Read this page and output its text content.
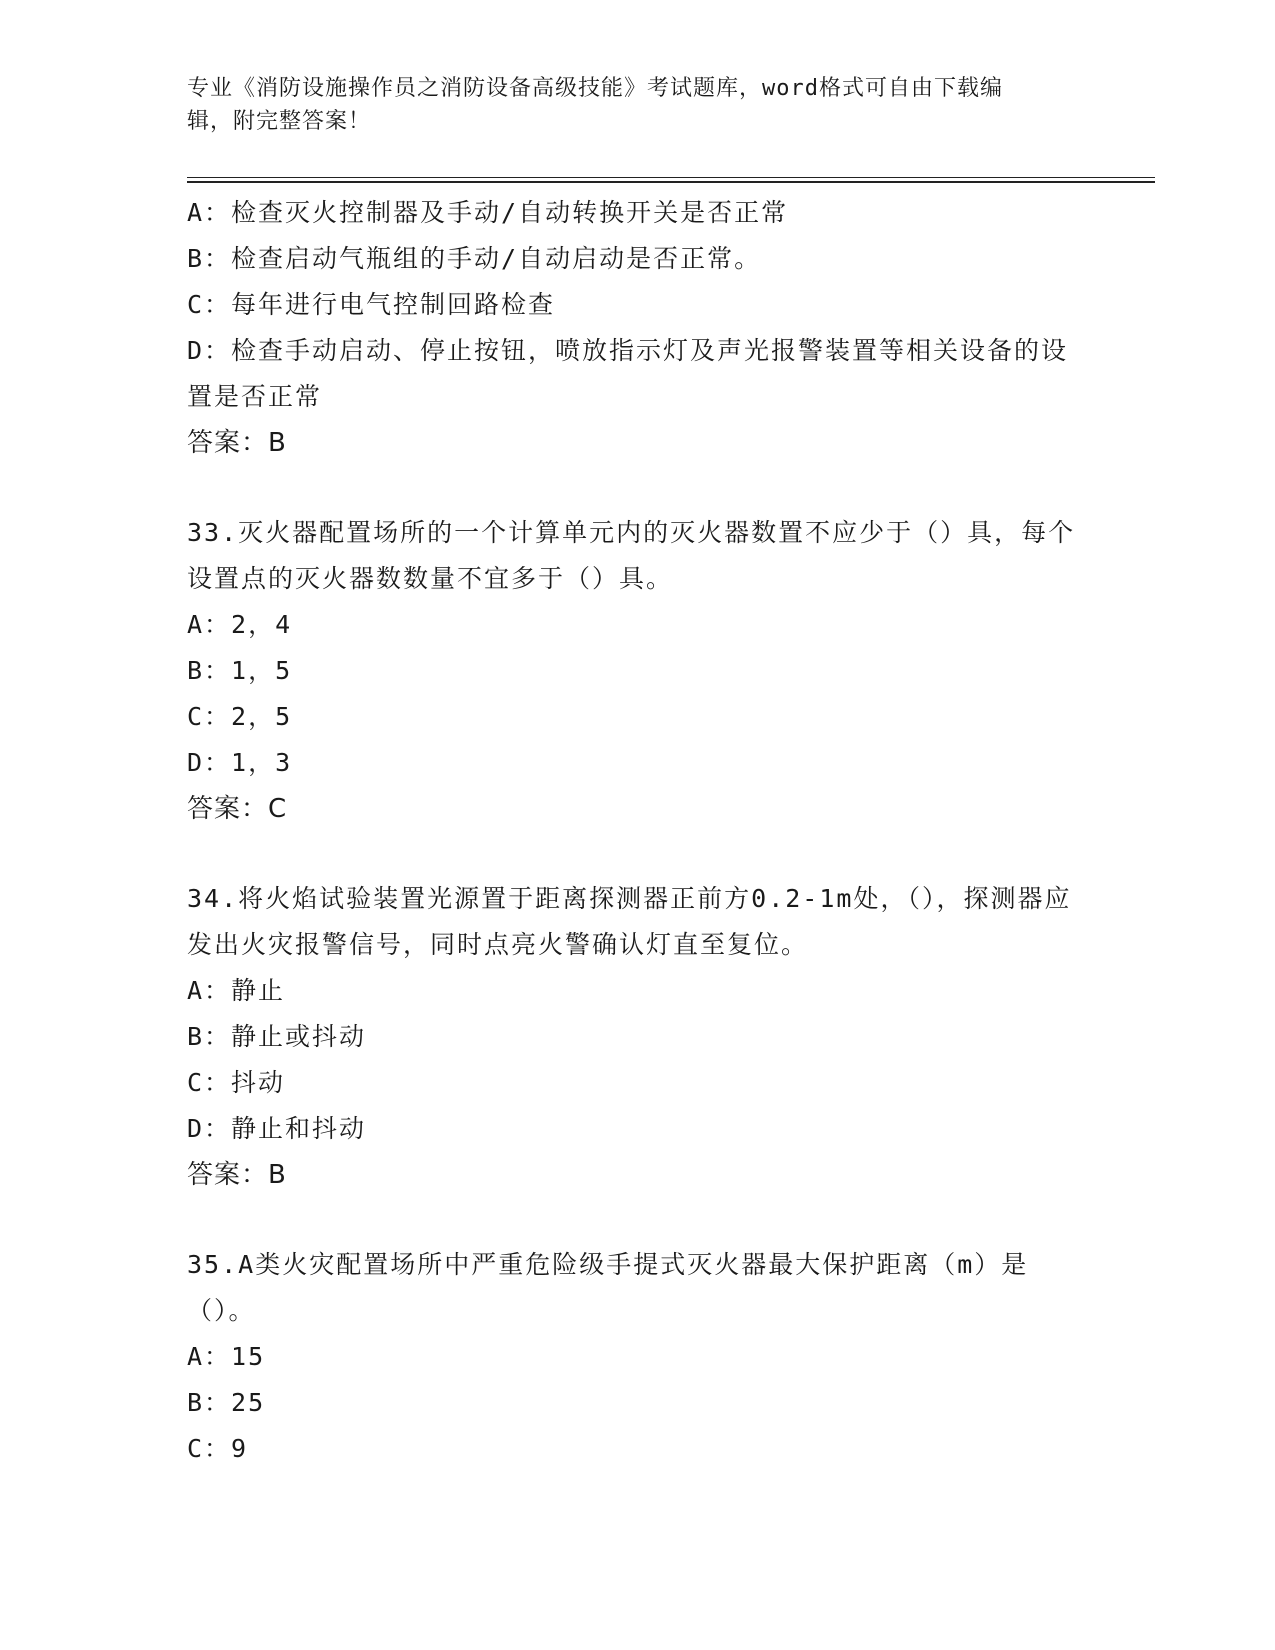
专业《消防设施操作员之消防设备高级技能》考试题库，word格式可自由下载编
辑，附完整答案！
A：检查灭火控制器及手动/自动转换开关是否正常
B：检查启动气瓶组的手动/自动启动是否正常。
C：每年进行电气控制回路检查
D：检查手动启动、停止按钮，喷放指示灯及声光报警装置等相关设备的设置是否正常
答案：B
33.灭火器配置场所的一个计算单元内的灭火器数置不应少于（）具，每个设置点的灭火器数数量不宜多于（）具。
A：2，4
B：1，5
C：2，5
D：1，3
答案：C
34.将火焰试验装置光源置于距离探测器正前方0.2-1m处，（），探测器应发出火灾报警信号，同时点亮火警确认灯直至复位。
A：静止
B：静止或抖动
C：抖动
D：静止和抖动
答案：B
35.A类火灾配置场所中严重危险级手提式灭火器最大保护距离（m）是（）。
A：15
B：25
C：9
